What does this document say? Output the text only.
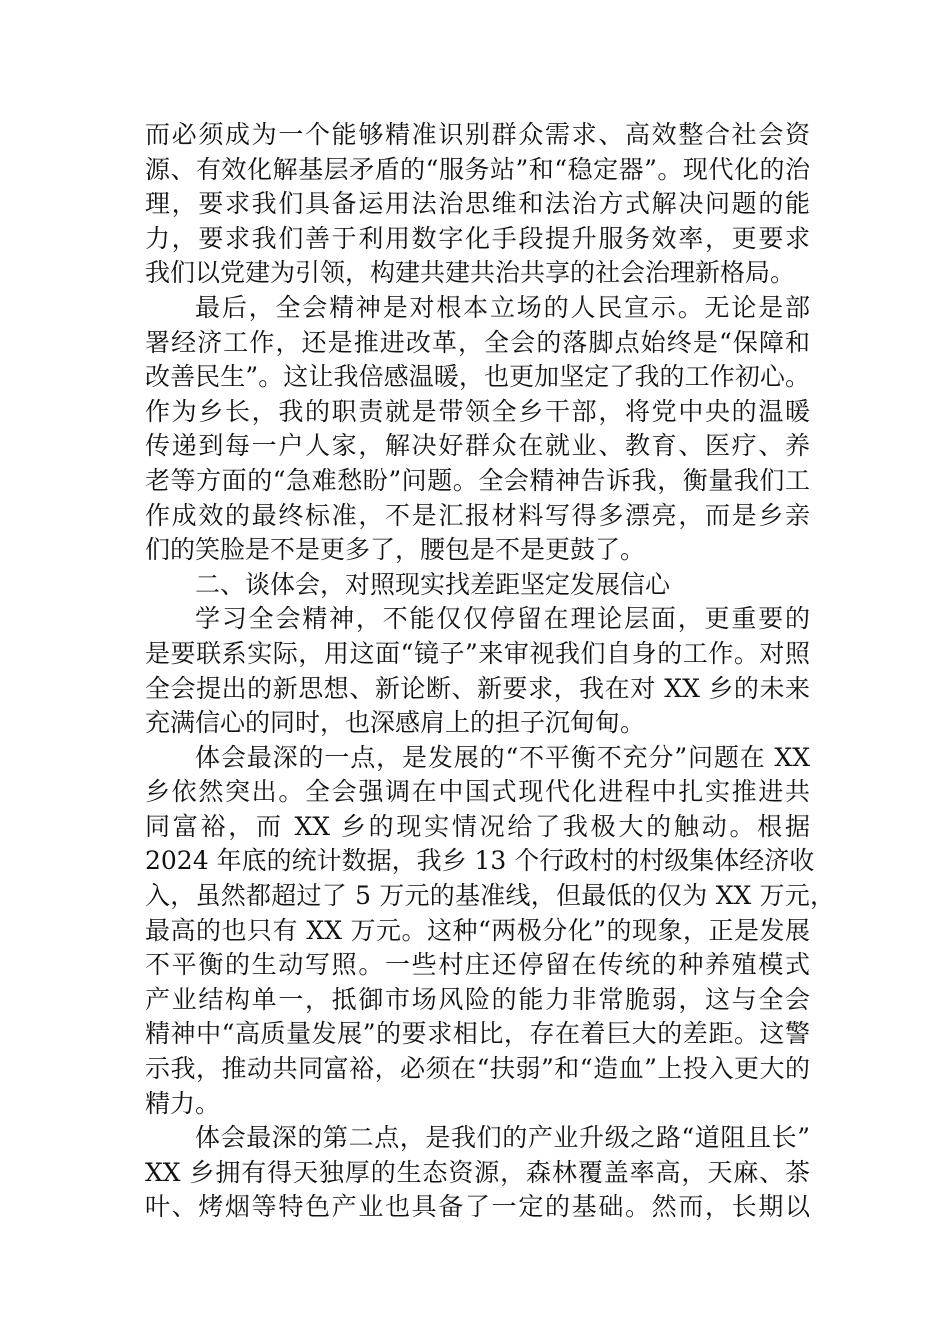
而必须成为一个能够精准识别群众需求、高效整合社会资
源、有效化解基层矛盾的“服务站”和“稳定器”。现代化的治
理，要求我们具备运用法治思维和法治方式解决问题的能
力，要求我们善于利用数字化手段提升服务效率，更要求
我们以党建为引领，构建共建共治共享的社会治理新格局。
最后，全会精神是对根本立场的人民宣示。无论是部
署经济工作，还是推进改革，全会的落脚点始终是“保障和
改善民生”。这让我倍感温暖，也更加坚定了我的工作初心。
作为乡长，我的职责就是带领全乡干部，将党中央的温暖
传递到每一户人家，解决好群众在就业、教育、医疗、养
老等方面的“急难愁盼”问题。全会精神告诉我，衡量我们工
作成效的最终标准，不是汇报材料写得多漂亮，而是乡亲
们的笑脸是不是更多了，腰包是不是更鼓了。
二、谈体会，对照现实找差距坚定发展信心
学习全会精神，不能仅仅停留在理论层面，更重要的
是要联系实际，用这面“镜子”来审视我们自身的工作。对照
全会提出的新思想、新论断、新要求，我在对 XX 乡的未来
充满信心的同时，也深感肩上的担子沉甸甸。
体会最深的一点，是发展的“不平衡不充分”问题在 XX
乡依然突出。全会强调在中国式现代化进程中扎实推进共
同富裕，而 XX 乡的现实情况给了我极大的触动。根据
2024 年底的统计数据，我乡 13 个行政村的村级集体经济收
入，虽然都超过了 5 万元的基准线，但最低的仅为 XX 万元，
最高的也只有 XX 万元。这种“两极分化”的现象，正是发展
不平衡的生动写照。一些村庄还停留在传统的种养殖模式
产业结构单一，抵御市场风险的能力非常脆弱，这与全会
精神中“高质量发展”的要求相比，存在着巨大的差距。这警
示我，推动共同富裕，必须在“扶弱”和“造血”上投入更大的
精力。
体会最深的第二点，是我们的产业升级之路“道阻且长”
XX 乡拥有得天独厚的生态资源，森林覆盖率高，天麻、茶
叶、烤烟等特色产业也具备了一定的基础。然而，长期以
